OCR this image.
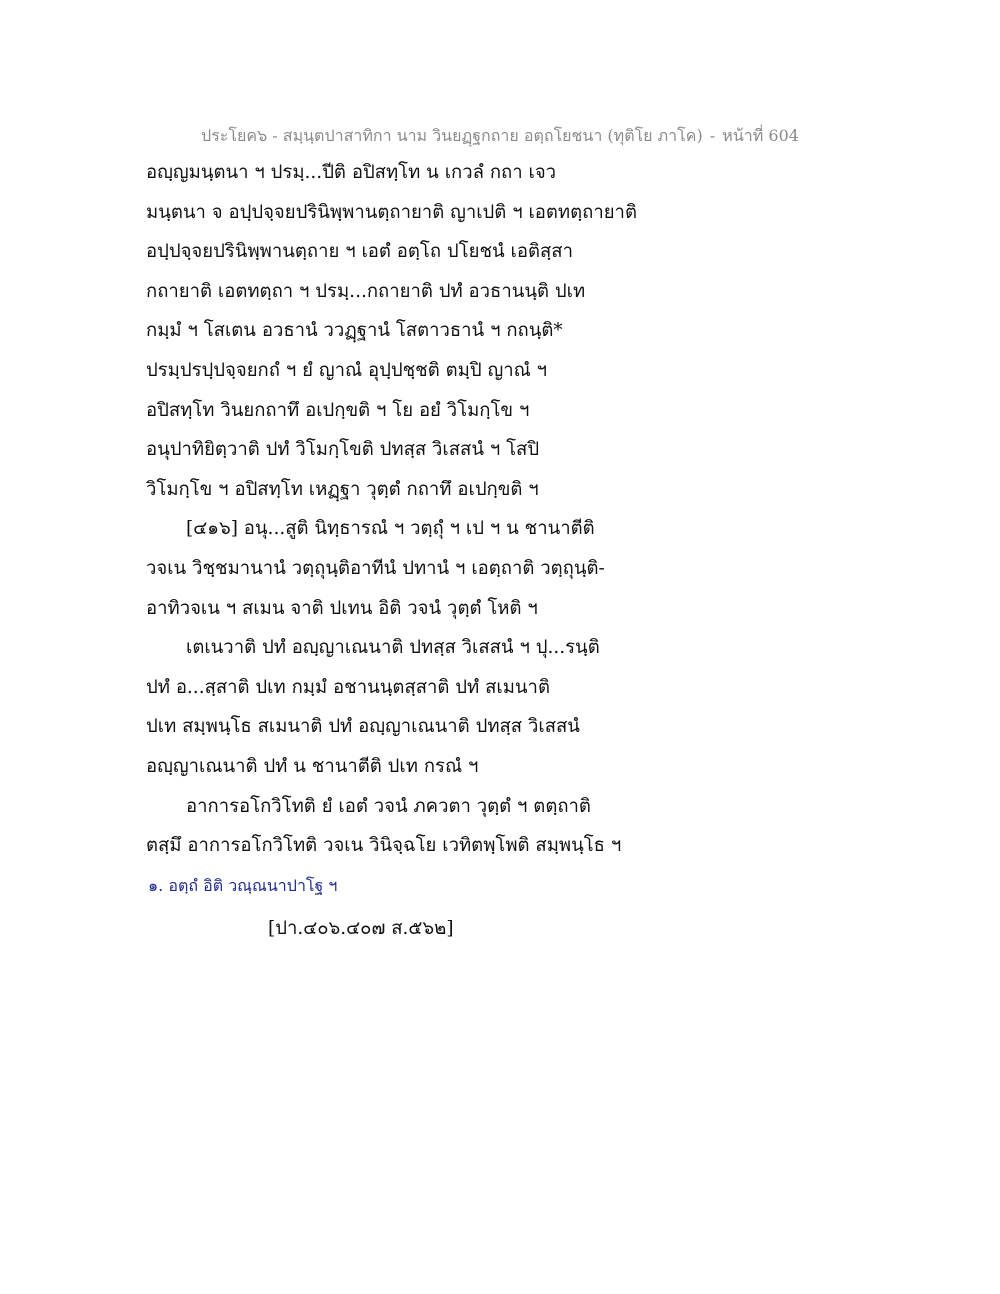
ประโยค๖ - สมฺนฺตปาสาทิกา นาม วินยฏฺฐกถาย อตฺถโยชนา (ทุติโย ภาโค) - หน้าที่ 604
อญฺญมนฺตนา ฯ ปรมฺ...ปีติ อปิสทฺโท น เกวลํ กถา เจว
มนฺตนา จ อปฺปจฺจยปรินิพฺพานตฺถายาติ ญาเปติ ฯ เอตทตฺถายาติ
อปฺปจฺจยปรินิพฺพานตฺถาย ฯ เอตํ อตฺโถ ปโยชนํ เอติสฺสา
กถายาติ เอตทตฺถา ฯ ปรมฺ...กถายาติ ปทํ อวธานนฺติ ปเท
กมฺมํ ฯ โสเตน อวธานํ ววฏฺฐานํ โสตาวธานํ ฯ กถนฺติ*
ปรมฺปรปฺปจฺจยกถํ ฯ ยํ ญาณํ อุปฺปชฺชติ ตมฺปิ ญาณํ ฯ
อปิสทฺโท วินยกถาทึ อเปกฺขติ ฯ โย อยํ วิโมกฺโข ฯ
อนุปาทิยิตฺวาติ ปทํ วิโมกฺโขติ ปทสฺส วิเสสนํ ฯ โสปิ
วิโมกฺโข ฯ อปิสทฺโท เหฏฺฐา วุตฺตํ กถาทึ อเปกฺขติ ฯ
[๔๑๖] อนุ...สูติ นิทฺธารณํ ฯ วตฺถุํ ฯ เป ฯ น ชานาตีติ
วจเน วิชฺชมานานํ วตฺถุนฺติอาทีนํ ปทานํ ฯ เอตฺถาติ วตฺถุนฺติ-
อาทิวจเน ฯ สเมน จาติ ปเทน อิติ วจนํ วุตฺตํ โหติ ฯ
เตเนวาติ ปทํ อญฺญาเณนาติ ปทสฺส วิเสสนํ ฯ ปุ...รนฺติ
ปทํ อ...สฺสาติ ปเท กมฺมํ อชานนฺตสฺสาติ ปทํ สเมนาติ
ปเท สมฺพนฺโธ สเมนาติ ปทํ อญฺญาเณนาติ ปทสฺส วิเสสนํ
อญฺญาเณนาติ ปทํ น ชานาตีติ ปเท กรณํ ฯ
อาการอโกวิโทติ ยํ เอตํ วจนํ ภควตา วุตฺตํ ฯ ตตฺถาติ
ตสฺมึ อาการอโกวิโทติ วจเน วินิจฺฉโย เวทิตพฺโพติ สมฺพนฺโธ ฯ
๑. อตฺถํ อิติ วณฺณนาปาโฐ ฯ
[ปา.๔๐๖.๔๐๗ ส.๕๖๒]
